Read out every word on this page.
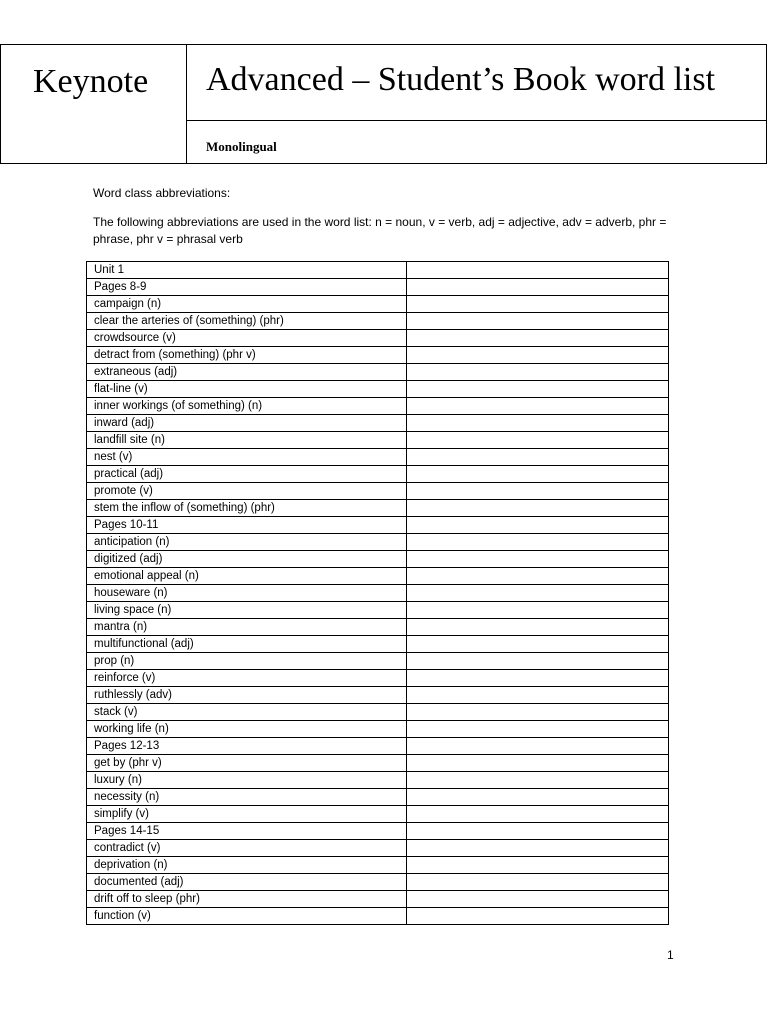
Keynote Advanced – Student’s Book word list
Monolingual
Word class abbreviations:
The following abbreviations are used in the word list: n = noun, v = verb, adj = adjective, adv = adverb, phr = phrase, phr v = phrasal verb
Unit 1	
Pages 8-9	
campaign (n)	
clear the arteries of (something) (phr)	
crowdsource (v)	
detract from (something) (phr v)	
extraneous (adj)	
flat-line (v)	
inner workings (of something) (n)	
inward (adj)	
landfill site (n)	
nest (v)	
practical (adj)	
promote (v)	
stem the inflow of (something) (phr)	
Pages 10-11	
anticipation (n)	
digitized (adj)	
emotional appeal (n)	
houseware (n)	
living space (n)	
mantra (n)	
multifunctional (adj)	
prop (n)	
reinforce (v)	
ruthlessly (adv)	
stack (v)	
working life (n)	
Pages 12-13	
get by (phr v)	
luxury (n)	
necessity (n)	
simplify (v)	
Pages 14-15	
contradict (v)	
deprivation (n)	
documented (adj)	
drift off to sleep (phr)	
function (v)	
1
